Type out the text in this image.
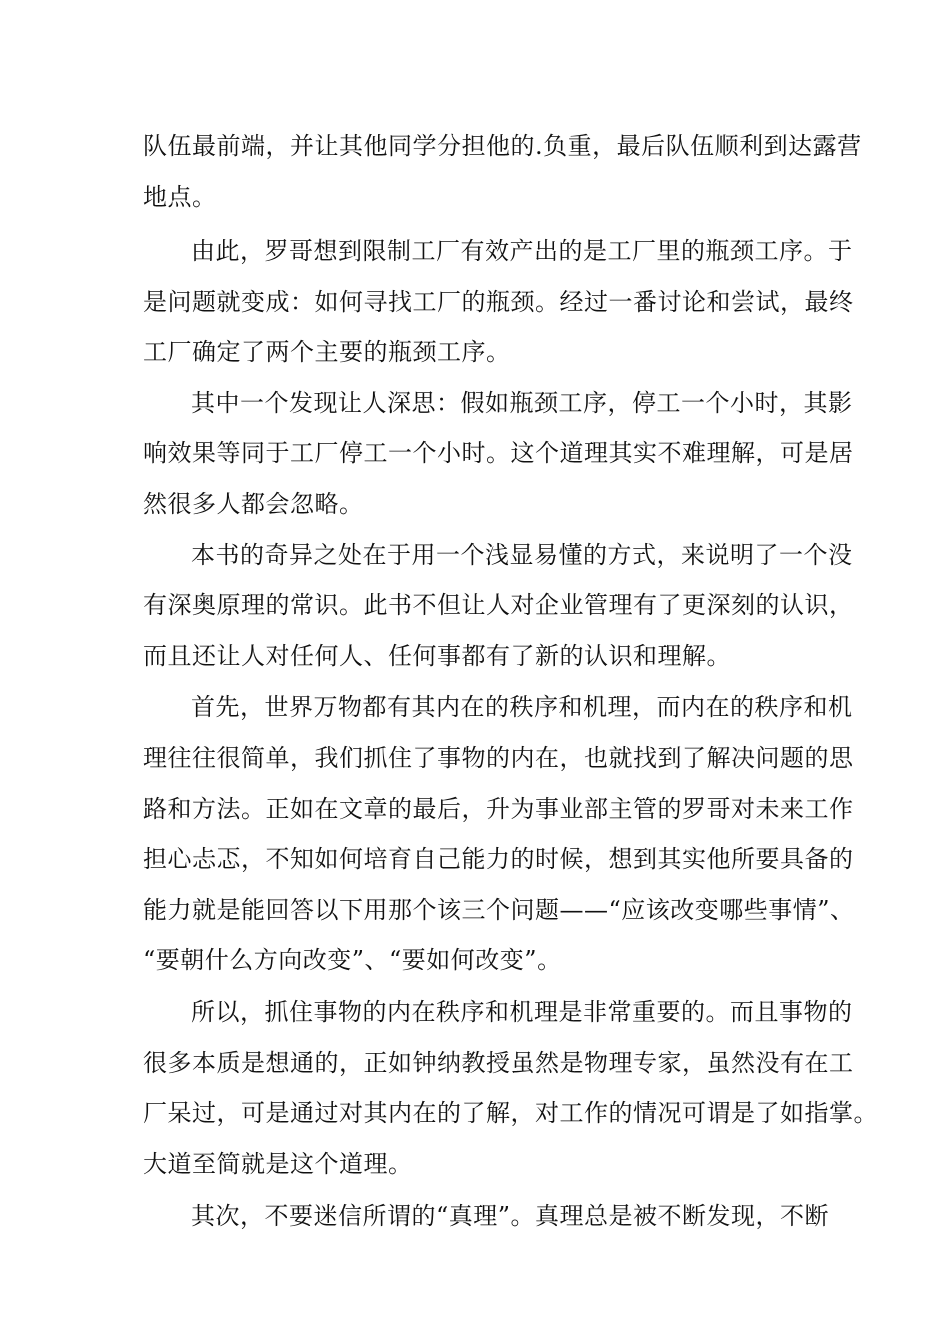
队伍最前端，并让其他同学分担他的.负重，最后队伍顺利到达露营
地点。
由此，罗哥想到限制工厂有效产出的是工厂里的瓶颈工序。于
是问题就变成：如何寻找工厂的瓶颈。经过一番讨论和尝试，最终
工厂确定了两个主要的瓶颈工序。
其中一个发现让人深思：假如瓶颈工序，停工一个小时，其影
响效果等同于工厂停工一个小时。这个道理其实不难理解，可是居
然很多人都会忽略。
本书的奇异之处在于用一个浅显易懂的方式，来说明了一个没
有深奥原理的常识。此书不但让人对企业管理有了更深刻的认识，
而且还让人对任何人、任何事都有了新的认识和理解。
首先，世界万物都有其内在的秩序和机理，而内在的秩序和机
理往往很简单，我们抓住了事物的内在，也就找到了解决问题的思
路和方法。正如在文章的最后，升为事业部主管的罗哥对未来工作
担心忐忑，不知如何培育自己能力的时候，想到其实他所要具备的
能力就是能回答以下用那个该三个问题——“应该改变哪些事情”、
“要朝什么方向改变”、“要如何改变”。
所以，抓住事物的内在秩序和机理是非常重要的。而且事物的
很多本质是想通的，正如钟纳教授虽然是物理专家，虽然没有在工
厂呆过，可是通过对其内在的了解，对工作的情况可谓是了如指掌。
大道至简就是这个道理。
其次，不要迷信所谓的“真理”。真理总是被不断发现，不断
